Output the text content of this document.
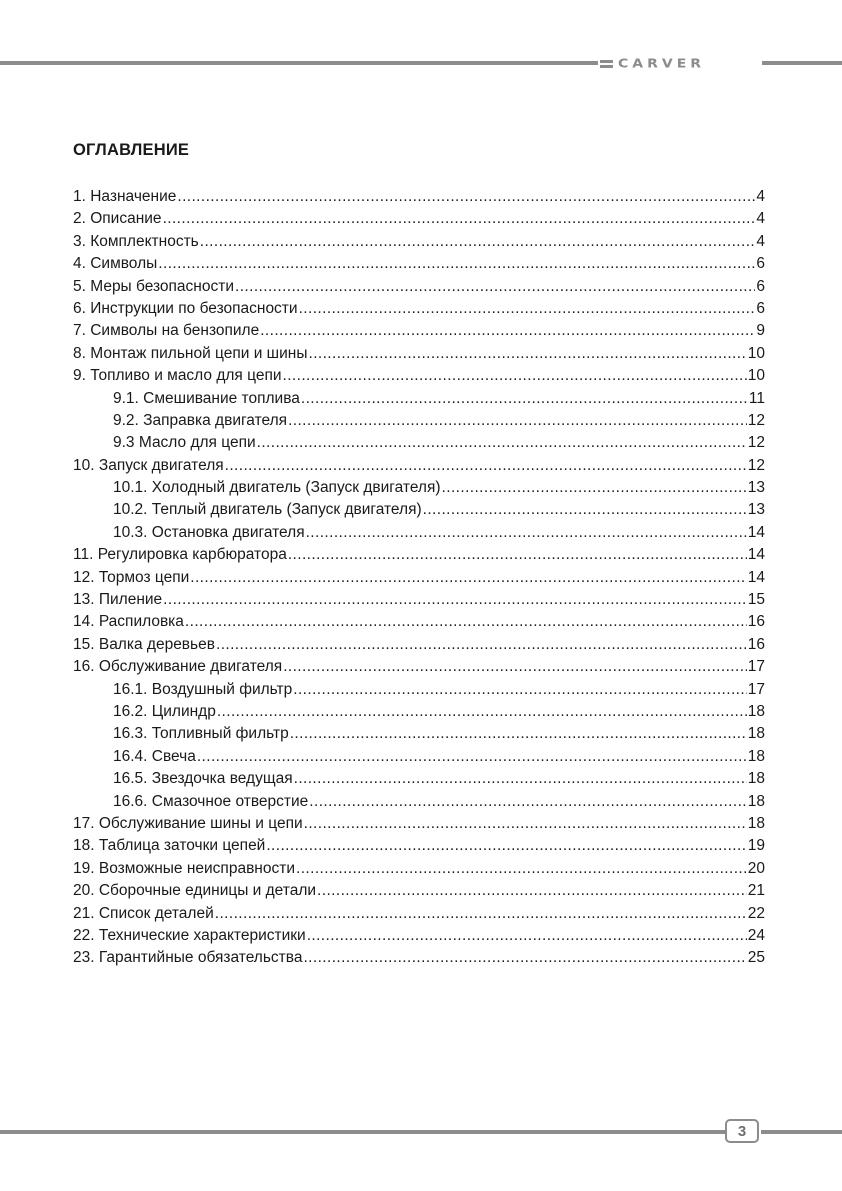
CARVER
ОГЛАВЛЕНИЕ
1. Назначение .....	4
2. Описание .....	4
3. Комплектность .....	4
4. Символы .....	6
5. Меры безопасности .....	6
6. Инструкции по безопасности .....	6
7. Символы на бензопиле .....	9
8. Монтаж пильной цепи и шины .....	10
9. Топливо и масло для цепи .....	10
9.1. Смешивание топлива .....	11
9.2. Заправка двигателя .....	12
9.3 Масло для цепи .....	12
10. Запуск двигателя .....	12
10.1. Холодный двигатель (Запуск двигателя) .....	13
10.2. Теплый двигатель (Запуск двигателя) .....	13
10.3. Остановка двигателя .....	14
11. Регулировка карбюратора .....	14
12. Тормоз цепи .....	14
13. Пиление .....	15
14. Распиловка .....	16
15. Валка деревьев .....	16
16. Обслуживание двигателя .....	17
16.1. Воздушный фильтр .....	17
16.2. Цилиндр .....	18
16.3. Топливный фильтр .....	18
16.4. Свеча .....	18
16.5. Звездочка ведущая .....	18
16.6. Смазочное отверстие .....	18
17. Обслуживание шины и цепи .....	18
18. Таблица заточки цепей .....	19
19. Возможные неисправности .....	20
20. Сборочные единицы и детали .....	21
21. Список деталей .....	22
22. Технические характеристики .....	24
23. Гарантийные обязательства .....	25
3
